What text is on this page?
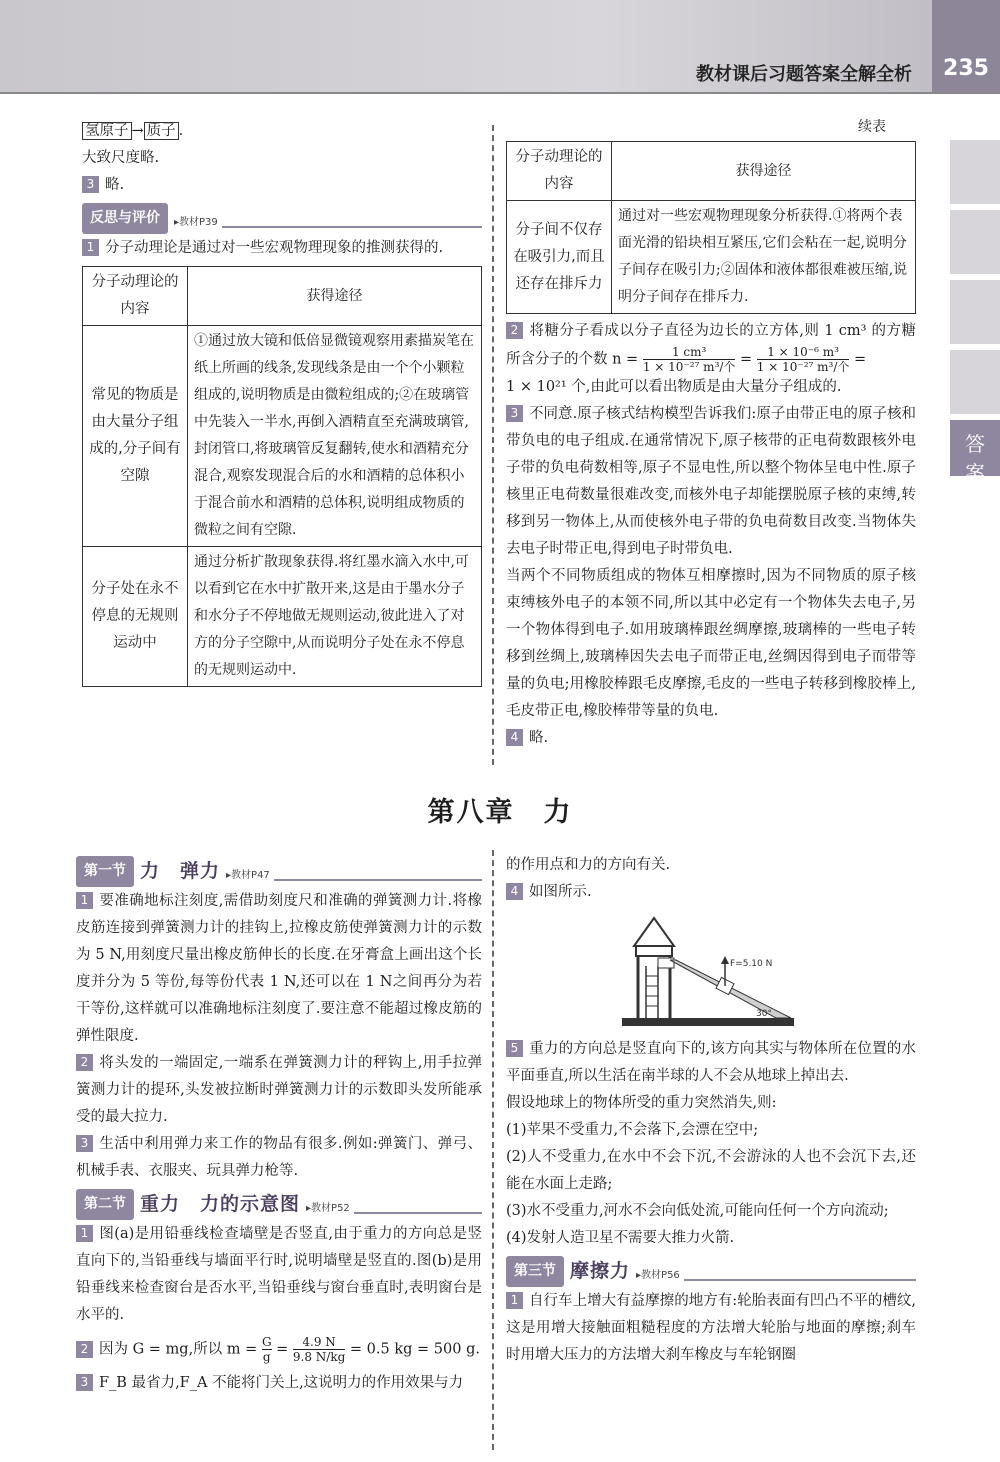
教材课后习题答案全解全析	235
答
案

氢原子 → 质子 .

大致尺度略.

3 略.

反思与评价	▸教材P39

1 分子动理论是通过对一些宏观物理现象的推测获得的.

分子动理论的内容	获得途径
常见的物质是由大量分子组成的,分子间有空隙	①通过放大镜和低倍显微镜观察用素描炭笔在纸上所画的线条,发现线条是由一个个小颗粒组成的,说明物质是由微粒组成的;②在玻璃管中先装入一半水,再倒入酒精直至充满玻璃管,封闭管口,将玻璃管反复翻转,使水和酒精充分混合,观察发现混合后的水和酒精的总体积小于混合前水和酒精的总体积,说明组成物质的微粒之间有空隙.
分子处在永不停息的无规则运动中	通过分析扩散现象获得.将红墨水滴入水中,可以看到它在水中扩散开来,这是由于墨水分子和水分子不停地做无规则运动,彼此进入了对方的分子空隙中,从而说明分子处在永不停息的无规则运动中.
续表
分子动理论的内容	获得途径
分子间不仅存在吸引力,而且还存在排斥力	通过对一些宏观物理现象分析获得.①将两个表面光滑的铅块相互紧压,它们会粘在一起,说明分子间存在吸引力;②固体和液体都很难被压缩,说明分子间存在排斥力.

2 将糖分子看成以分子直径为边长的立方体,则 1 cm³ 的方糖所含分子的个数 $n = \frac{\text{1 cm³}}{\text{1 × 10⁻²⁷ m³/个}} = \frac{\text{1 × 10⁻⁶ m³}}{\text{1 × 10⁻²⁷ m³/个}}$ =

1 × 10²¹ 个,由此可以看出物质是由大量分子组成的.

3 不同意.原子核式结构模型告诉我们:原子由带正电的原子核和带负电的电子组成.在通常情况下,原子核带的正电荷数跟核外电子带的负电荷数相等,原子不显电性,所以整个物体呈电中性.原子核里正电荷数量很难改变,而核外电子却能摆脱原子核的束缚,转移到另一物体上,从而使核外电子带的负电荷数目改变.当物体失去电子时带正电,得到电子时带负电.

当两个不同物质组成的物体互相摩擦时,因为不同物质的原子核束缚核外电子的本领不同,所以其中必定有一个物体失去电子,另一个物体得到电子.如用玻璃棒跟丝绸摩擦,玻璃棒的一些电子转移到丝绸上,玻璃棒因失去电子而带正电,丝绸因得到电子而带等量的负电;用橡胶棒跟毛皮摩擦,毛皮的一些电子转移到橡胶棒上,毛皮带正电,橡胶棒带等量的负电.

4 略.

第八章　力
第一节 力　弹力 ▸教材P47

1 要准确地标注刻度,需借助刻度尺和准确的弹簧测力计.将橡皮筋连接到弹簧测力计的挂钩上,拉橡皮筋使弹簧测力计的示数为 5 N,用刻度尺量出橡皮筋伸长的长度.在牙膏盒上画出这个长度并分为 5 等份,每等份代表 1 N,还可以在 1 N之间再分为若干等份,这样就可以准确地标注刻度了.要注意不能超过橡皮筋的弹性限度.

2 将头发的一端固定,一端系在弹簧测力计的秤钩上,用手拉弹簧测力计的提环,头发被拉断时弹簧测力计的示数即头发所能承受的最大拉力.

3 生活中利用弹力来工作的物品有很多.例如:弹簧门、弹弓、机械手表、衣服夹、玩具弹力枪等.

第二节 重力　力的示意图 ▸教材P52

1 图(a)是用铅垂线检查墙壁是否竖直,由于重力的方向总是竖直向下的,当铅垂线与墙面平行时,说明墙壁是竖直的.图(b)是用铅垂线来检查窗台是否水平,当铅垂线与窗台垂直时,表明窗台是水平的.

2 因为 G = mg,所以 $m = \frac{G}{g} = \frac{4.9 N}{9.8 N/kg} = 0.5$ kg = 500 g.

3 F_B 最省力,F_A 不能将门关上,这说明力的作用效果与力

的作用点和力的方向有关.

4 如图所示.

F=5.10 N
30°

5 重力的方向总是竖直向下的,该方向其实与物体所在位置的水平面垂直,所以生活在南半球的人不会从地球上掉出去.

假设地球上的物体所受的重力突然消失,则:

(1)苹果不受重力,不会落下,会漂在空中;

(2)人不受重力,在水中不会下沉,不会游泳的人也不会沉下去,还能在水面上走路;

(3)水不受重力,河水不会向低处流,可能向任何一个方向流动;

(4)发射人造卫星不需要大推力火箭.

第三节 摩擦力 ▸教材P56

1 自行车上增大有益摩擦的地方有:轮胎表面有凹凸不平的槽纹,这是用增大接触面粗糙程度的方法增大轮胎与地面的摩擦;刹车时用增大压力的方法增大刹车橡皮与车轮钢圈
